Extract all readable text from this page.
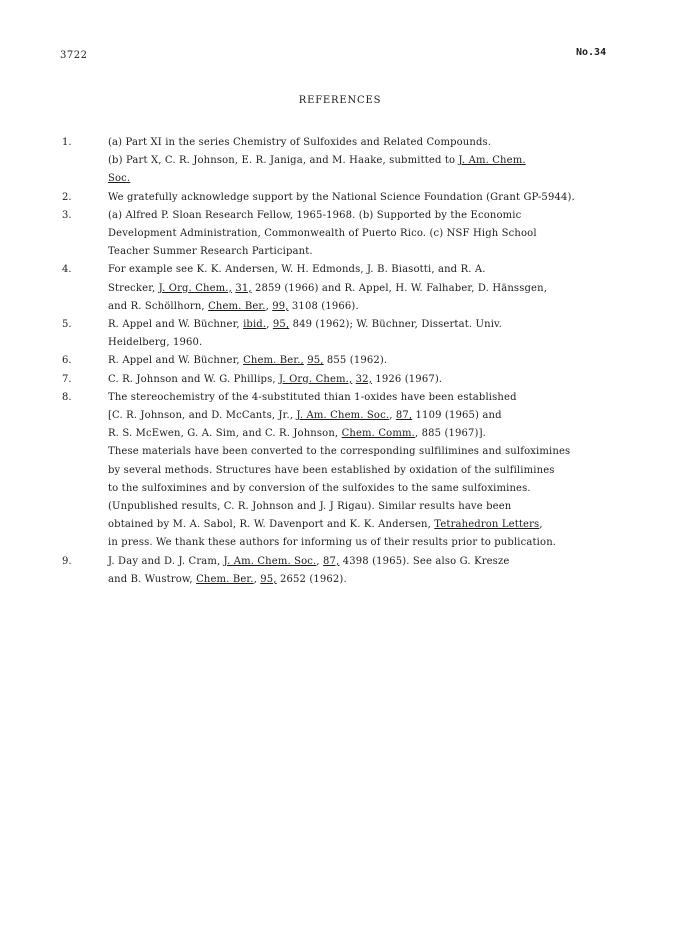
3722	No.34
REFERENCES
1.	(a) Part XI in the series Chemistry of Sulfoxides and Related Compounds.
(b) Part X, C. R. Johnson, E. R. Janiga, and M. Haake, submitted to J. Am. Chem.
Soc.
2.	We gratefully acknowledge support by the National Science Foundation (Grant GP-5944).
3.	(a) Alfred P. Sloan Research Fellow, 1965-1968. (b) Supported by the Economic
Development Administration, Commonwealth of Puerto Rico. (c) NSF High School
Teacher Summer Research Participant.
4.	For example see K. K. Andersen, W. H. Edmonds, J. B. Biasotti, and R. A.
Strecker, J. Org. Chem., 31, 2859 (1966) and R. Appel, H. W. Falhaber, D. Hänssgen,
and R. Schöllhorn, Chem. Ber., 99, 3108 (1966).
5.	R. Appel and W. Büchner, ibid., 95, 849 (1962); W. Büchner, Dissertat. Univ.
Heidelberg, 1960.
6.	R. Appel and W. Büchner, Chem. Ber., 95, 855 (1962).
7.	C. R. Johnson and W. G. Phillips, J. Org. Chem., 32, 1926 (1967).
8.	The stereochemistry of the 4-substituted thian 1-oxides have been established
[C. R. Johnson, and D. McCants, Jr., J. Am. Chem. Soc., 87, 1109 (1965) and
R. S. McEwen, G. A. Sim, and C. R. Johnson, Chem. Comm., 885 (1967)].
These materials have been converted to the corresponding sulfilimines and sulfoximines
by several methods. Structures have been established by oxidation of the sulfilimines
to the sulfoximines and by conversion of the sulfoxides to the same sulfoximines.
(Unpublished results, C. R. Johnson and J. J Rigau). Similar results have been
obtained by M. A. Sabol, R. W. Davenport and K. K. Andersen, Tetrahedron Letters,
in press. We thank these authors for informing us of their results prior to publication.
9.	J. Day and D. J. Cram, J. Am. Chem. Soc., 87, 4398 (1965). See also G. Kresze
and B. Wustrow, Chem. Ber., 95, 2652 (1962).
